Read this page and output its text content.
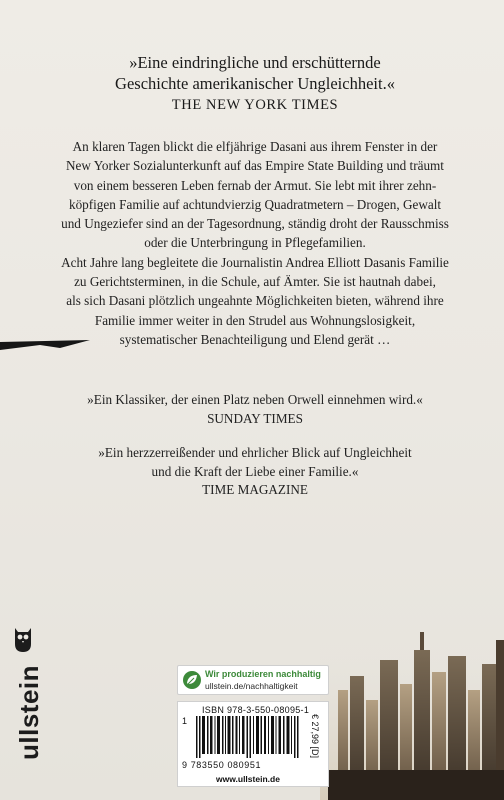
»Eine eindringliche und erschütternde
Geschichte amerikanischer Ungleichheit.«
THE NEW YORK TIMES

An klaren Tagen blickt die elfjährige Dasani aus ihrem Fenster in der

New Yorker Sozialunterkunft auf das Empire State Building und träumt

von einem besseren Leben fernab der Armut. Sie lebt mit ihrer zehn-

köpfigen Familie auf achtundvierzig Quadratmetern – Drogen, Gewalt

und Ungeziefer sind an der Tagesordnung, ständig droht der Rausschmiss

oder die Unterbringung in Pflegefamilien.

Acht Jahre lang begleitete die Journalistin Andrea Elliott Dasanis Familie

zu Gerichtsterminen, in die Schule, auf Ämter. Sie ist hautnah dabei,

als sich Dasani plötzlich ungeahnte Möglichkeiten bieten, während ihre

Familie immer weiter in den Strudel aus Wohnungslosigkeit,

systematischer Benachteiligung und Elend gerät …

»Ein Klassiker, der einen Platz neben Orwell einnehmen wird.«
SUNDAY TIMES
»Ein herzzerreißender und ehrlicher Blick auf Ungleichheit
und die Kraft der Liebe einer Familie.«
TIME MAGAZINE
ullstein	Wir produzieren nachhaltig
ullstein.de/nachhaltigkeit
ISBN 978-3-550-08095-1
1
9 783550 080951
€ 27,99 [D]
www.ullstein.de
